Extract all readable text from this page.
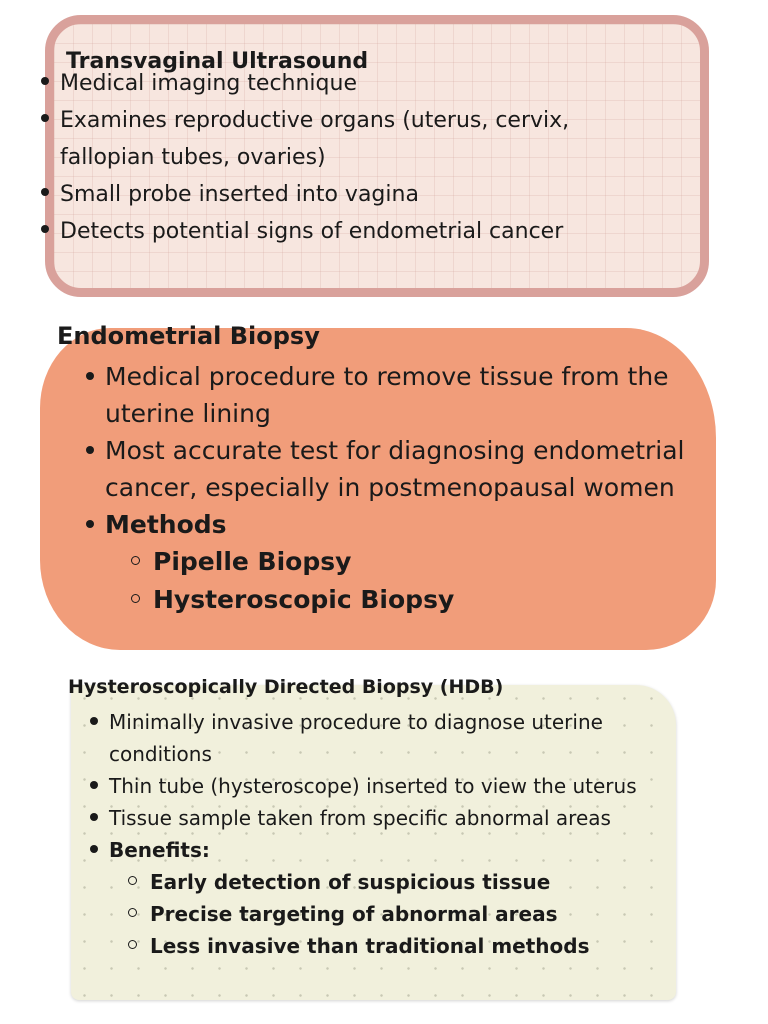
Transvaginal Ultrasound
Medical imaging technique
Examines reproductive organs (uterus, cervix, fallopian tubes, ovaries)
Small probe inserted into vagina
Detects potential signs of endometrial cancer
Endometrial Biopsy
Medical procedure to remove tissue from the uterine lining
Most accurate test for diagnosing endometrial cancer, especially in postmenopausal women
Methods
Pipelle Biopsy
Hysteroscopic Biopsy
Hysteroscopically Directed Biopsy (HDB)
Minimally invasive procedure to diagnose uterine conditions
Thin tube (hysteroscope) inserted to view the uterus
Tissue sample taken from specific abnormal areas
Benefits:
Early detection of suspicious tissue
Precise targeting of abnormal areas
Less invasive than traditional methods
